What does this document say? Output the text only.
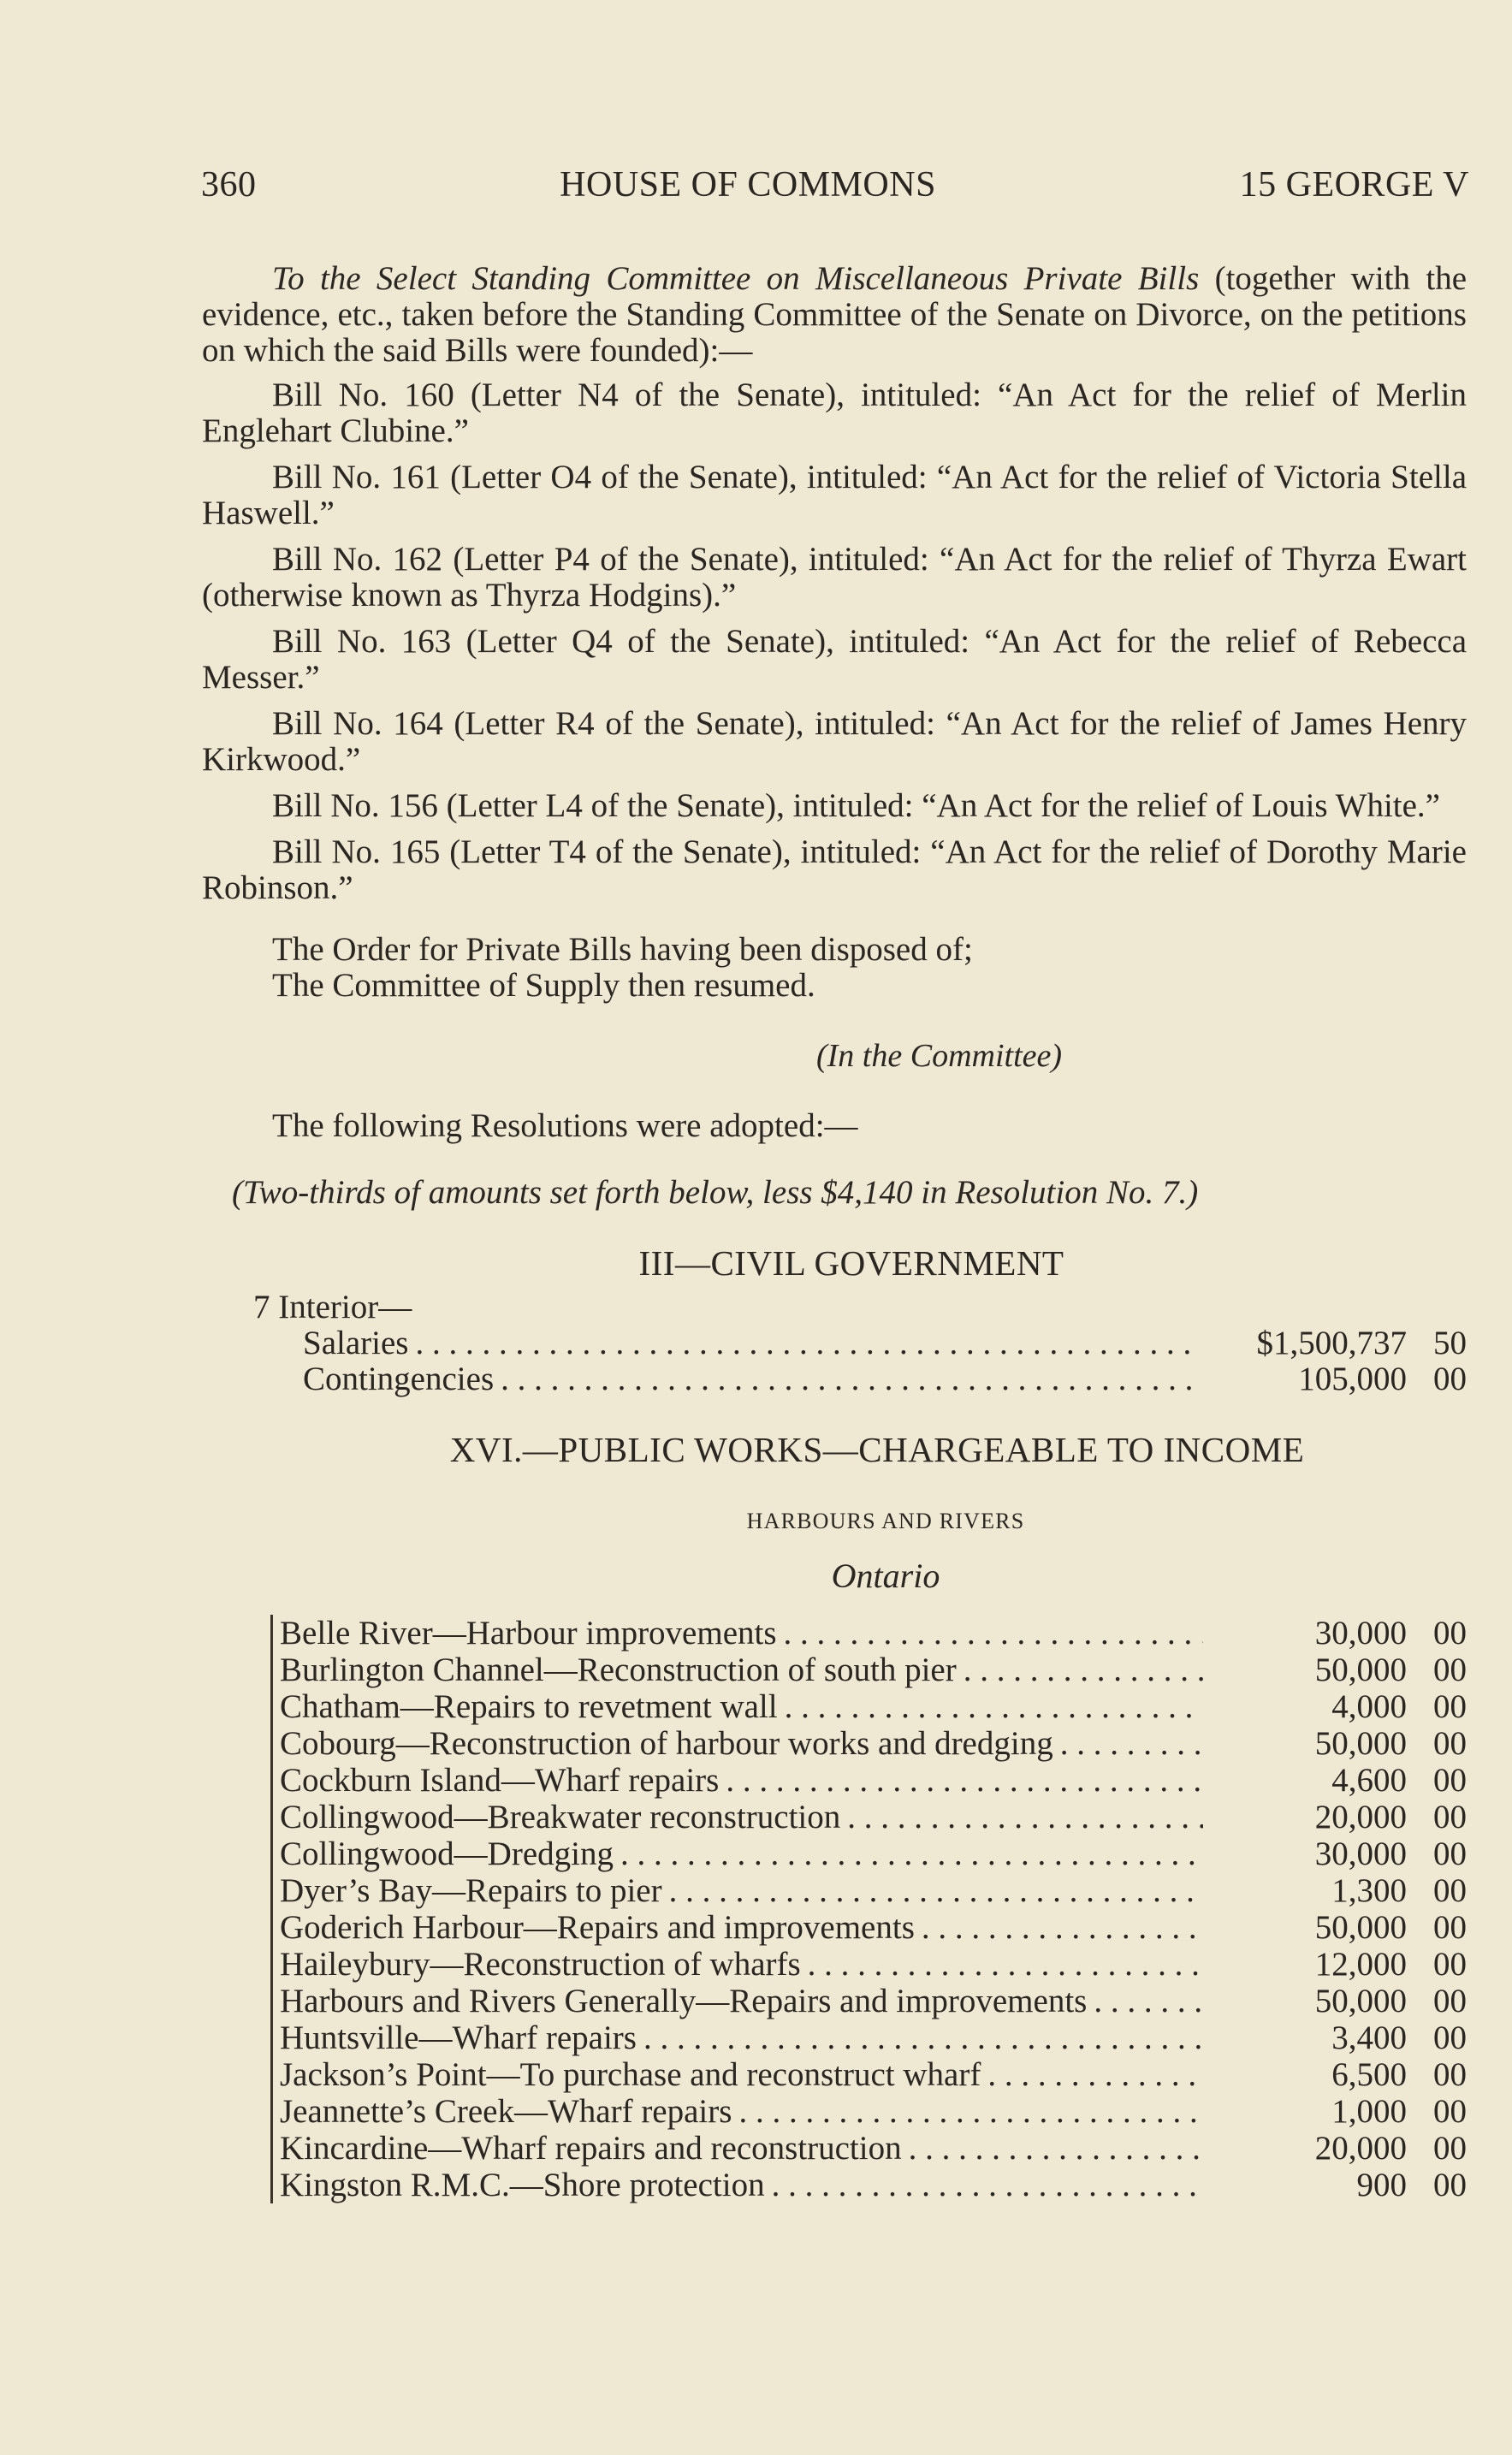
360	HOUSE OF COMMONS	15 GEORGE V

To the Select Standing Committee on Miscellaneous Private Bills (together with the evidence, etc., taken before the Standing Committee of the Senate on Divorce, on the petitions on which the said Bills were founded):—

Bill No. 160 (Letter N4 of the Senate), intituled: “An Act for the relief of Merlin Englehart Clubine.”

Bill No. 161 (Letter O4 of the Senate), intituled: “An Act for the relief of Victoria Stella Haswell.”

Bill No. 162 (Letter P4 of the Senate), intituled: “An Act for the relief of Thyrza Ewart (otherwise known as Thyrza Hodgins).”

Bill No. 163 (Letter Q4 of the Senate), intituled: “An Act for the relief of Rebecca Messer.”

Bill No. 164 (Letter R4 of the Senate), intituled: “An Act for the relief of James Henry Kirkwood.”

Bill No. 156 (Letter L4 of the Senate), intituled: “An Act for the relief of Louis White.”

Bill No. 165 (Letter T4 of the Senate), intituled: “An Act for the relief of Dorothy Marie Robinson.”

The Order for Private Bills having been disposed of;

The Committee of Supply then resumed.

(In the Committee)

The following Resolutions were adopted:—

(Two-thirds of amounts set forth below, less $4,140 in Resolution No. 7.)

III—CIVIL GOVERNMENT

7 Interior—
Salaries . . .	$1,500,737 50
Contingencies . . .	105,000 00

XVI.—PUBLIC WORKS—CHARGEABLE TO INCOME

HARBOURS AND RIVERS

Ontario

Belle River—Harbour improvements . . .	30,000 00
Burlington Channel—Reconstruction of south pier . . .	50,000 00
Chatham—Repairs to revetment wall . . .	4,000 00
Cobourg—Reconstruction of harbour works and dredging . . .	50,000 00
Cockburn Island—Wharf repairs . . .	4,600 00
Collingwood—Breakwater reconstruction . . .	20,000 00
Collingwood—Dredging . . .	30,000 00
Dyer’s Bay—Repairs to pier . . .	1,300 00
Goderich Harbour—Repairs and improvements . . .	50,000 00
Haileybury—Reconstruction of wharfs . . .	12,000 00
Harbours and Rivers Generally—Repairs and improvements . . .	50,000 00
Huntsville—Wharf repairs . . .	3,400 00
Jackson’s Point—To purchase and reconstruct wharf . . .	6,500 00
Jeannette’s Creek—Wharf repairs . . .	1,000 00
Kincardine—Wharf repairs and reconstruction . . .	20,000 00
Kingston R.M.C.—Shore protection . . .	900 00
